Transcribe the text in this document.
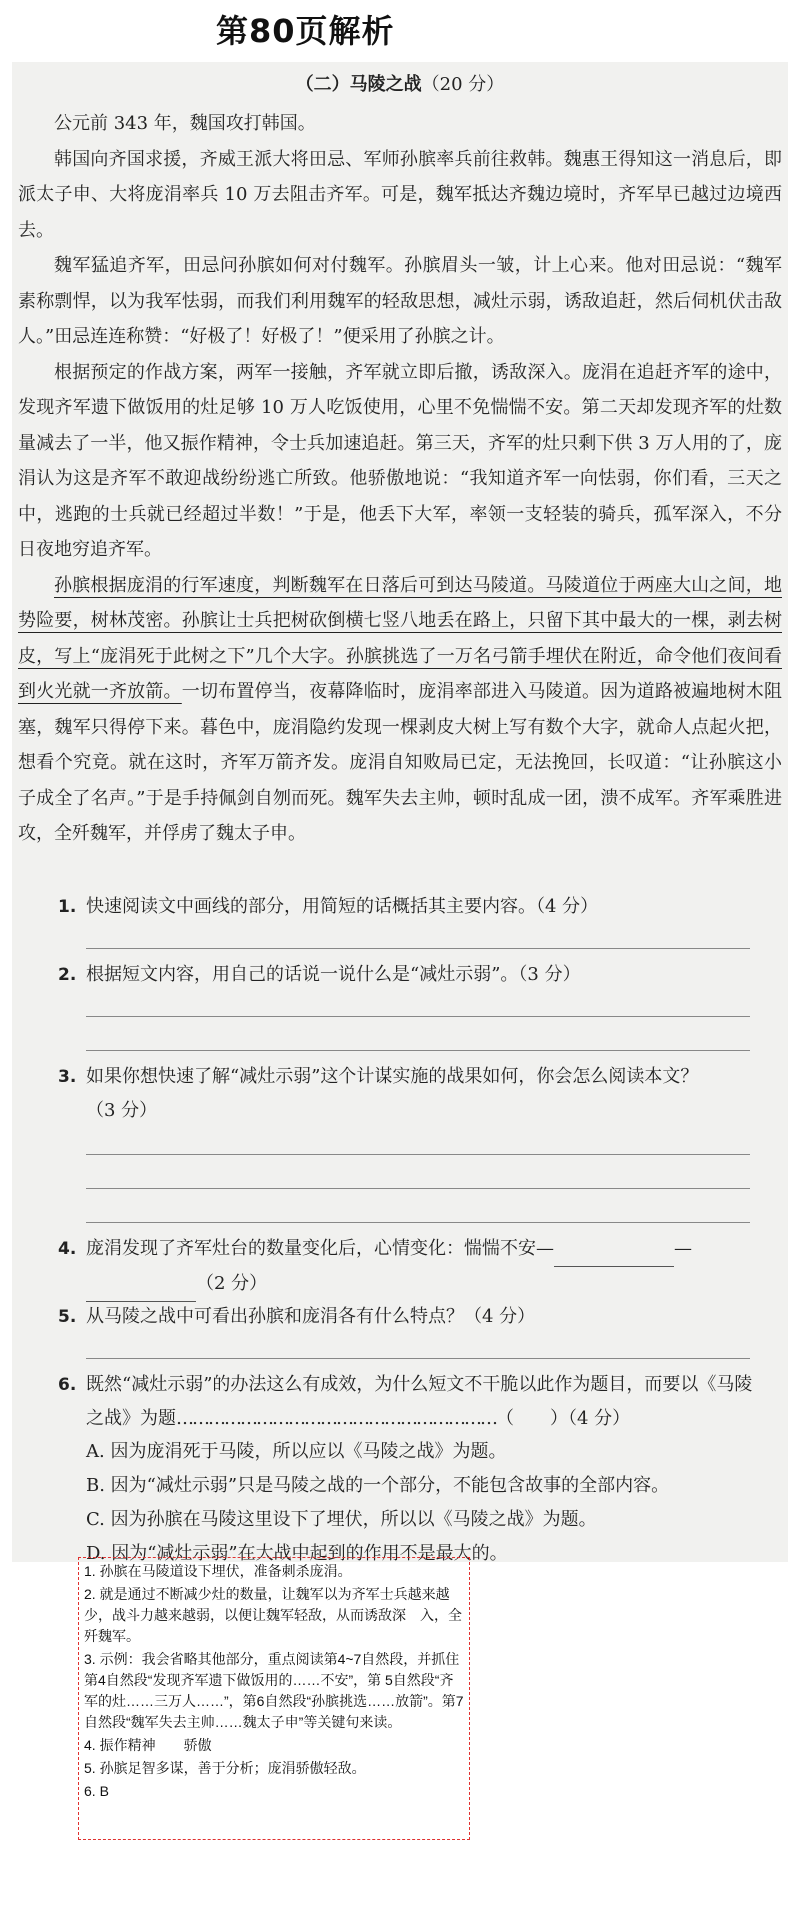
第80页解析
（二）马陵之战（20 分）

公元前 343 年，魏国攻打韩国。

韩国向齐国求援，齐威王派大将田忌、军师孙膑率兵前往救韩。魏惠王得知这一消息后，即派太子申、大将庞涓率兵 10 万去阻击齐军。可是，魏军抵达齐魏边境时，齐军早已越过边境西去。

魏军猛追齐军，田忌问孙膑如何对付魏军。孙膑眉头一皱，计上心来。他对田忌说：“魏军素称剽悍，以为我军怯弱，而我们利用魏军的轻敌思想，减灶示弱，诱敌追赶，然后伺机伏击敌人。”田忌连连称赞：“好极了！好极了！”便采用了孙膑之计。

根据预定的作战方案，两军一接触，齐军就立即后撤，诱敌深入。庞涓在追赶齐军的途中，发现齐军遗下做饭用的灶足够 10 万人吃饭使用，心里不免惴惴不安。第二天却发现齐军的灶数量减去了一半，他又振作精神，令士兵加速追赶。第三天，齐军的灶只剩下供 3 万人用的了，庞涓认为这是齐军不敢迎战纷纷逃亡所致。他骄傲地说：“我知道齐军一向怯弱，你们看，三天之中，逃跑的士兵就已经超过半数！”于是，他丢下大军，率领一支轻装的骑兵，孤军深入，不分日夜地穷追齐军。

孙膑根据庞涓的行军速度，判断魏军在日落后可到达马陵道。马陵道位于两座大山之间，地势险要，树林茂密。孙膑让士兵把树砍倒横七竖八地丢在路上，只留下其中最大的一棵，剥去树皮，写上“庞涓死于此树之下”几个大字。孙膑挑选了一万名弓箭手埋伏在附近，命令他们夜间看到火光就一齐放箭。一切布置停当，夜幕降临时，庞涓率部进入马陵道。因为道路被遍地树木阻塞，魏军只得停下来。暮色中，庞涓隐约发现一棵剥皮大树上写有数个大字，就命人点起火把，想看个究竟。就在这时，齐军万箭齐发。庞涓自知败局已定，无法挽回，长叹道：“让孙膑这小子成全了名声。”于是手持佩剑自刎而死。魏军失去主帅，顿时乱成一团，溃不成军。齐军乘胜进攻，全歼魏军，并俘虏了魏太子申。

1. 快速阅读文中画线的部分，用简短的话概括其主要内容。（4 分）
2. 根据短文内容，用自己的话说一说什么是“减灶示弱”。（3 分）
3. 如果你想快速了解“减灶示弱”这个计谋实施的战果如何，你会怎么阅读本文？
（3 分）
4. 庞涓发现了齐军灶台的数量变化后，心情变化：惴惴不安—	—
（2 分）
5. 从马陵之战中可看出孙膑和庞涓各有什么特点？（4 分）
6. 既然“减灶示弱”的办法这么有成效，为什么短文不干脆以此作为题目，而要以《马陵之战》为题……………………………………………………（　　）（4 分）
A. 因为庞涓死于马陵，所以应以《马陵之战》为题。
B. 因为“减灶示弱”只是马陵之战的一个部分，不能包含故事的全部内容。
C. 因为孙膑在马陵这里设下了埋伏，所以以《马陵之战》为题。
D. 因为“减灶示弱”在大战中起到的作用不是最大的。
1. 孙膑在马陵道设下埋伏，准备刺杀庞涓。
2. 就是通过不断减少灶的数量，让魏军以为齐军士兵越来越少，战斗力越来越弱，以便让魏军轻敌，从而诱敌深　入，全歼魏军。
3. 示例：我会省略其他部分，重点阅读第4~7自然段，并抓住第4自然段“发现齐军遗下做饭用的……不安”，第 5自然段“齐军的灶……三万人……”，第6自然段“孙膑挑选……放箭”。第7自然段“魏军失去主帅……魏太子申”等关键句来读。
4. 振作精神　　骄傲
5. 孙膑足智多谋，善于分析；庞涓骄傲轻敌。
6. B
